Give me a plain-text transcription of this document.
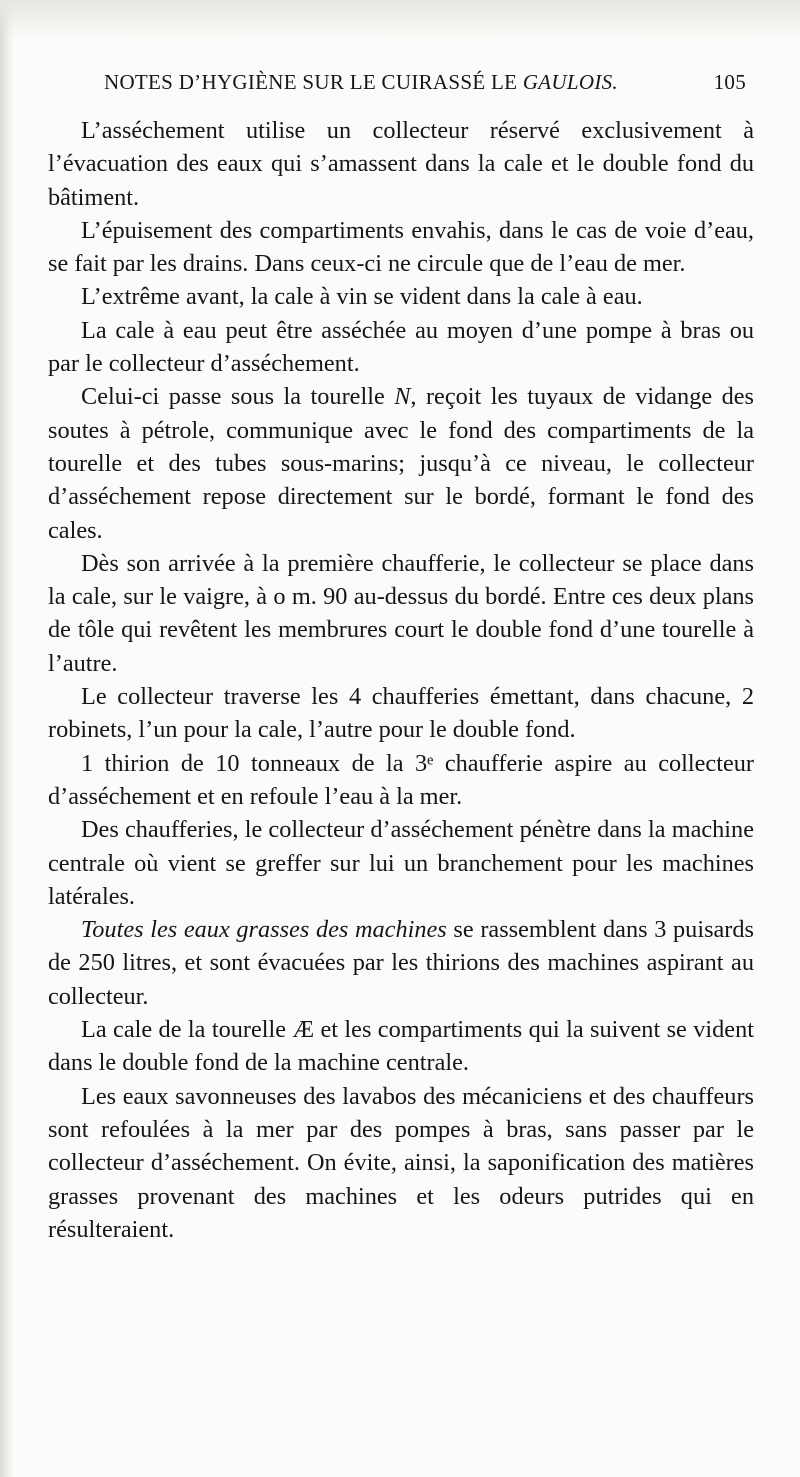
NOTES D’HYGIÈNE SUR LE CUIRASSÉ LE GAULOIS.	105

L’asséchement utilise un collecteur réservé exclusivement à l’évacuation des eaux qui s’amassent dans la cale et le double fond du bâtiment.

L’épuisement des compartiments envahis, dans le cas de voie d’eau, se fait par les drains. Dans ceux-ci ne circule que de l’eau de mer.

L’extrême avant, la cale à vin se vident dans la cale à eau.

La cale à eau peut être asséchée au moyen d’une pompe à bras ou par le collecteur d’asséchement.

Celui-ci passe sous la tourelle N, reçoit les tuyaux de vidange des soutes à pétrole, communique avec le fond des compartiments de la tourelle et des tubes sous-marins; jusqu’à ce niveau, le collecteur d’asséchement repose directement sur le bordé, formant le fond des cales.

Dès son arrivée à la première chaufferie, le collecteur se place dans la cale, sur le vaigre, à o m. 90 au-dessus du bordé. Entre ces deux plans de tôle qui revêtent les membrures court le double fond d’une tourelle à l’autre.

Le collecteur traverse les 4 chaufferies émettant, dans chacune, 2 robinets, l’un pour la cale, l’autre pour le double fond.

1 thirion de 10 tonneaux de la 3ᵉ chaufferie aspire au collecteur d’asséchement et en refoule l’eau à la mer.

Des chaufferies, le collecteur d’asséchement pénètre dans la machine centrale où vient se greffer sur lui un branchement pour les machines latérales.

Toutes les eaux grasses des machines se rassemblent dans 3 puisards de 250 litres, et sont évacuées par les thirions des machines aspirant au collecteur.

La cale de la tourelle Æ et les compartiments qui la suivent se vident dans le double fond de la machine centrale.

Les eaux savonneuses des lavabos des mécaniciens et des chauffeurs sont refoulées à la mer par des pompes à bras, sans passer par le collecteur d’asséchement. On évite, ainsi, la saponification des matières grasses provenant des machines et les odeurs putrides qui en résulteraient.
